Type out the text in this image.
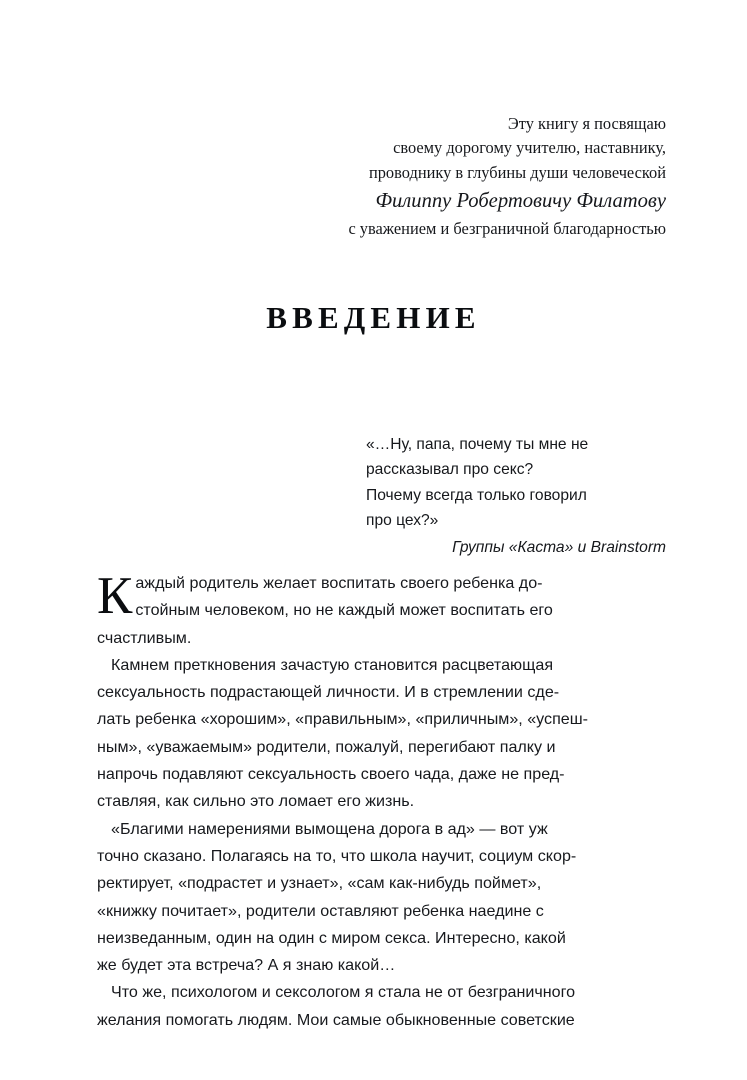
Эту книгу я посвящаю
своему дорогому учителю, наставнику,
проводнику в глубины души человеческой
Филиппу Робертовичу Филатову
с уважением и безграничной благодарностью
ВВЕДЕНИЕ
«…Ну, папа, почему ты мне не
рассказывал про секс?
Почему всегда только говорил
про цех?»
Группы «Каста» и Brainstorm
К аждый родитель желает воспитать своего ребенка до-
стойным человеком, но не каждый может воспитать его
счастливым.

Камнем преткновения зачастую становится расцветающая
сексуальность подрастающей личности. И в стремлении сде-
лать ребенка «хорошим», «правильным», «приличным», «успеш-
ным», «уважаемым» родители, пожалуй, перегибают палку и
напрочь подавляют сексуальность своего чада, даже не пред-
ставляя, как сильно это ломает его жизнь.

«Благими намерениями вымощена дорога в ад» — вот уж
точно сказано. Полагаясь на то, что школа научит, социум скор-
ректирует, «подрастет и узнает», «сам как-нибудь поймет»,
«книжку почитает», родители оставляют ребенка наедине с
неизведанным, один на один с миром секса. Интересно, какой
же будет эта встреча? А я знаю какой…

Что же, психологом и сексологом я стала не от безграничного
желания помогать людям. Мои самые обыкновенные советские
